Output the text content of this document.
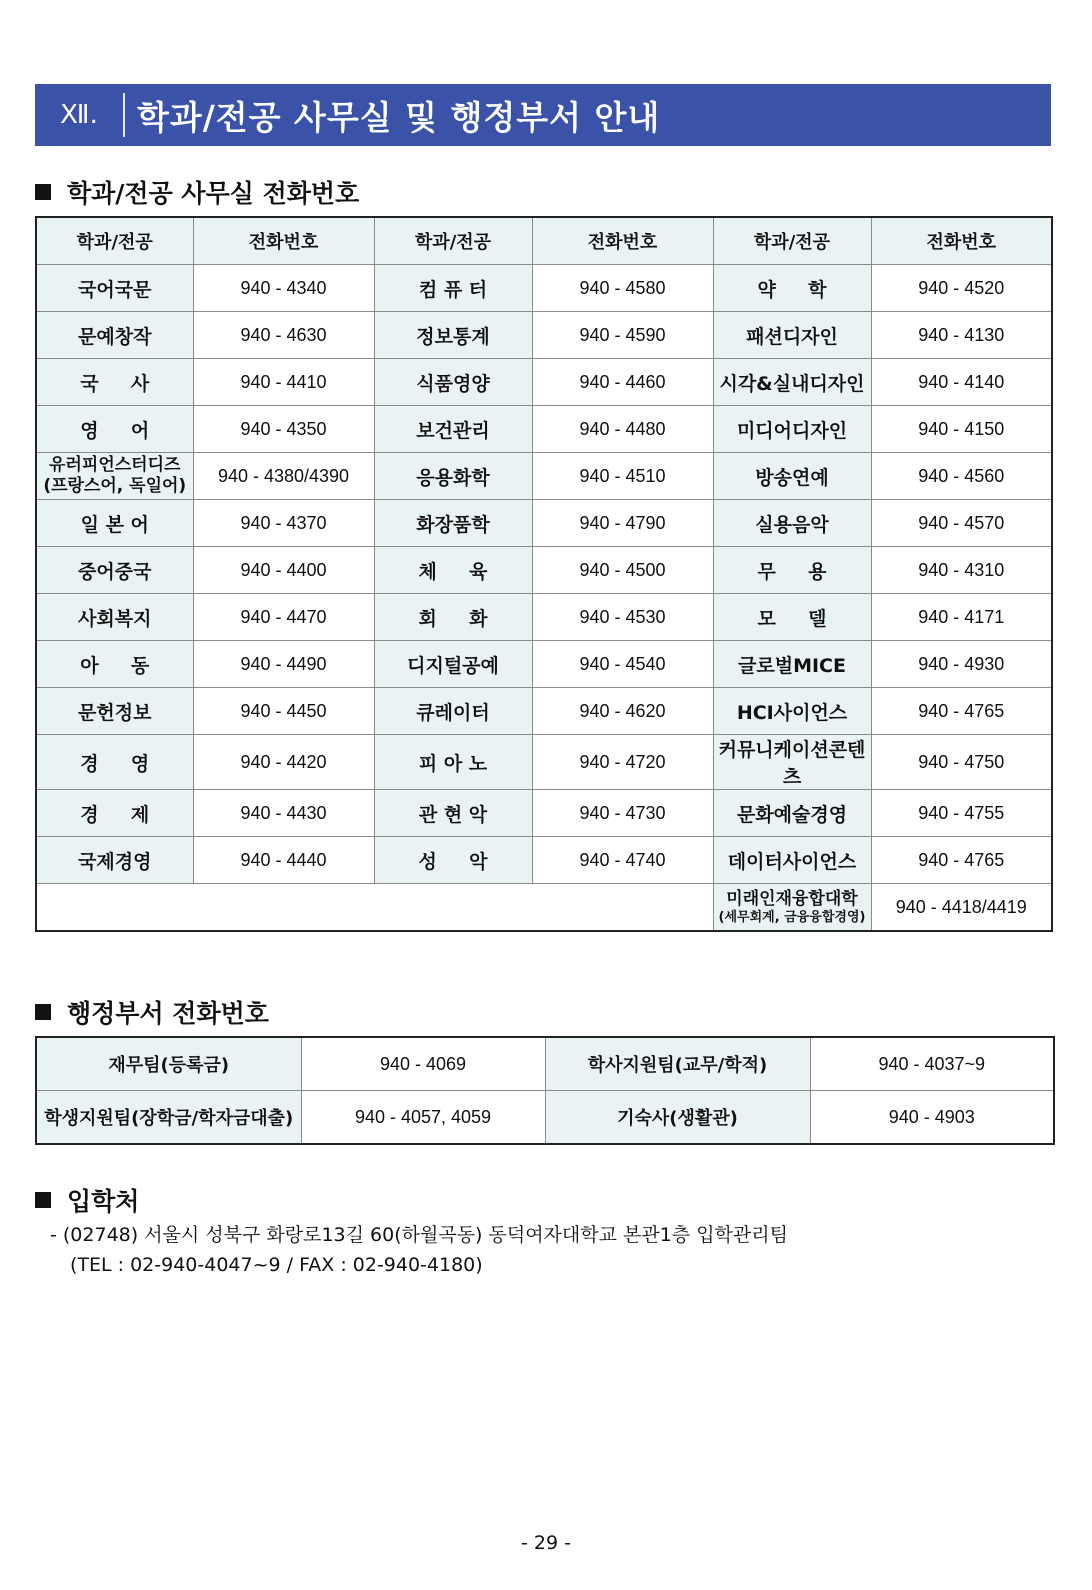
Ⅻ.	학과/전공 사무실 및 행정부서 안내
학과/전공 사무실 전화번호
학과/전공	전화번호	학과/전공	전화번호	학과/전공	전화번호
국어국문	940 - 4340	컴 퓨 터	940 - 4580	약 　 학	940 - 4520
문예창작	940 - 4630	정보통계	940 - 4590	패션디자인	940 - 4130
국 　 사	940 - 4410	식품영양	940 - 4460	시각&실내디자인	940 - 4140
영 　 어	940 - 4350	보건관리	940 - 4480	미디어디자인	940 - 4150

유러피언스터디즈
(프랑스어, 독일어)	940 - 4380/4390	응용화학	940 - 4510	방송연예	940 - 4560
일 본 어	940 - 4370	화장품학	940 - 4790	실용음악	940 - 4570
중어중국	940 - 4400	체 　 육	940 - 4500	무 　 용	940 - 4310
사회복지	940 - 4470	회 　 화	940 - 4530	모 　 델	940 - 4171
아 　 동	940 - 4490	디지털공예	940 - 4540	글로벌MICE	940 - 4930
문헌정보	940 - 4450	큐레이터	940 - 4620	HCI사이언스	940 - 4765
경 　 영	940 - 4420	피 아 노	940 - 4720	커뮤니케이션콘텐츠	940 - 4750
경 　 제	940 - 4430	관 현 악	940 - 4730	문화예술경영	940 - 4755
국제경영	940 - 4440	성 　 악	940 - 4740	데이터사이언스	940 - 4765

				미래인재융합대학
(세무회계, 금융융합경영)	940 - 4418/4419
행정부서 전화번호
재무팀(등록금)	940 - 4069	학사지원팀(교무/학적)	940 - 4037~9
학생지원팀(장학금/학자금대출)	940 - 4057, 4059	기숙사(생활관)	940 - 4903
입학처
- (02748) 서울시 성북구 화랑로13길 60(하월곡동) 동덕여자대학교 본관1층 입학관리팀
(TEL : 02-940-4047~9 / FAX : 02-940-4180)
- 29 -
